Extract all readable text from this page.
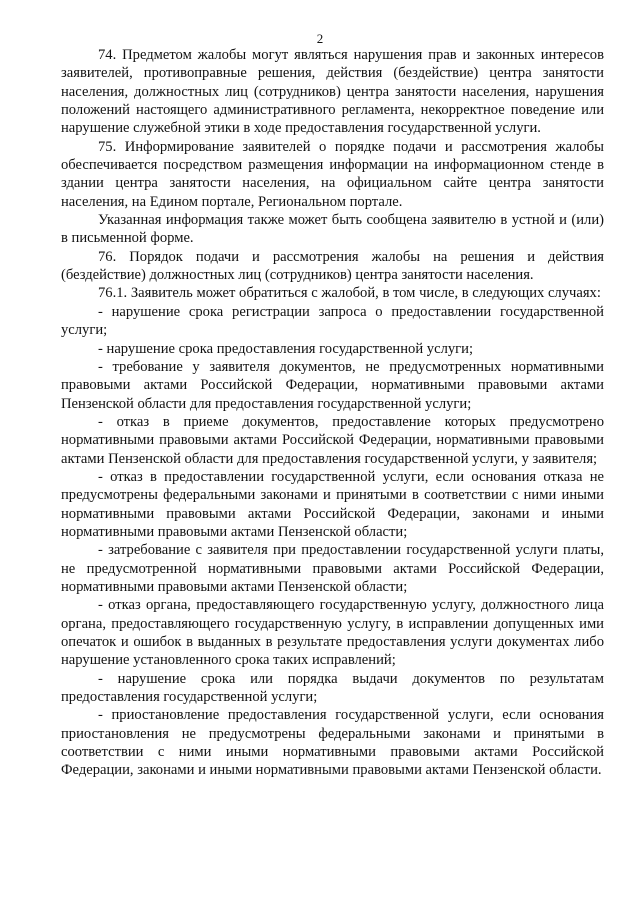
2

74. Предметом жалобы могут являться нарушения прав и законных интересов заявителей, противоправные решения, действия (бездействие) центра занятости населения, должностных лиц (сотрудников) центра занятости населения, нарушения положений настоящего административного регламента, некорректное поведение или нарушение служебной этики в ходе предоставления государственной услуги.

75. Информирование заявителей о порядке подачи и рассмотрения жалобы обеспечивается посредством размещения информации на информационном стенде в здании центра занятости населения, на официальном сайте центра занятости населения, на Едином портале, Региональном портале.

Указанная информация также может быть сообщена заявителю в устной и (или) в письменной форме.

76. Порядок подачи и рассмотрения жалобы на решения и действия (бездействие) должностных лиц (сотрудников) центра занятости населения.

76.1. Заявитель может обратиться с жалобой, в том числе, в следующих случаях:

- нарушение срока регистрации запроса о предоставлении государственной услуги;

- нарушение срока предоставления государственной услуги;

- требование у заявителя документов, не предусмотренных нормативными правовыми актами Российской Федерации, нормативными правовыми актами Пензенской области для предоставления государственной услуги;

- отказ в приеме документов, предоставление которых предусмотрено нормативными правовыми актами Российской Федерации, нормативными правовыми актами Пензенской области для предоставления государственной услуги, у заявителя;

- отказ в предоставлении государственной услуги, если основания отказа не предусмотрены федеральными законами и принятыми в соответствии с ними иными нормативными правовыми актами Российской Федерации, законами и иными нормативными правовыми актами Пензенской области;

- затребование с заявителя при предоставлении государственной услуги платы, не предусмотренной нормативными правовыми актами Российской Федерации, нормативными правовыми актами Пензенской области;

- отказ органа, предоставляющего государственную услугу, должностного лица органа, предоставляющего государственную услугу, в исправлении допущенных ими опечаток и ошибок в выданных в результате предоставления услуги документах либо нарушение установленного срока таких исправлений;

- нарушение срока или порядка выдачи документов по результатам предоставления государственной услуги;

- приостановление предоставления государственной услуги, если основания приостановления не предусмотрены федеральными законами и принятыми в соответствии с ними иными нормативными правовыми актами Российской Федерации, законами и иными нормативными правовыми актами Пензенской области.
